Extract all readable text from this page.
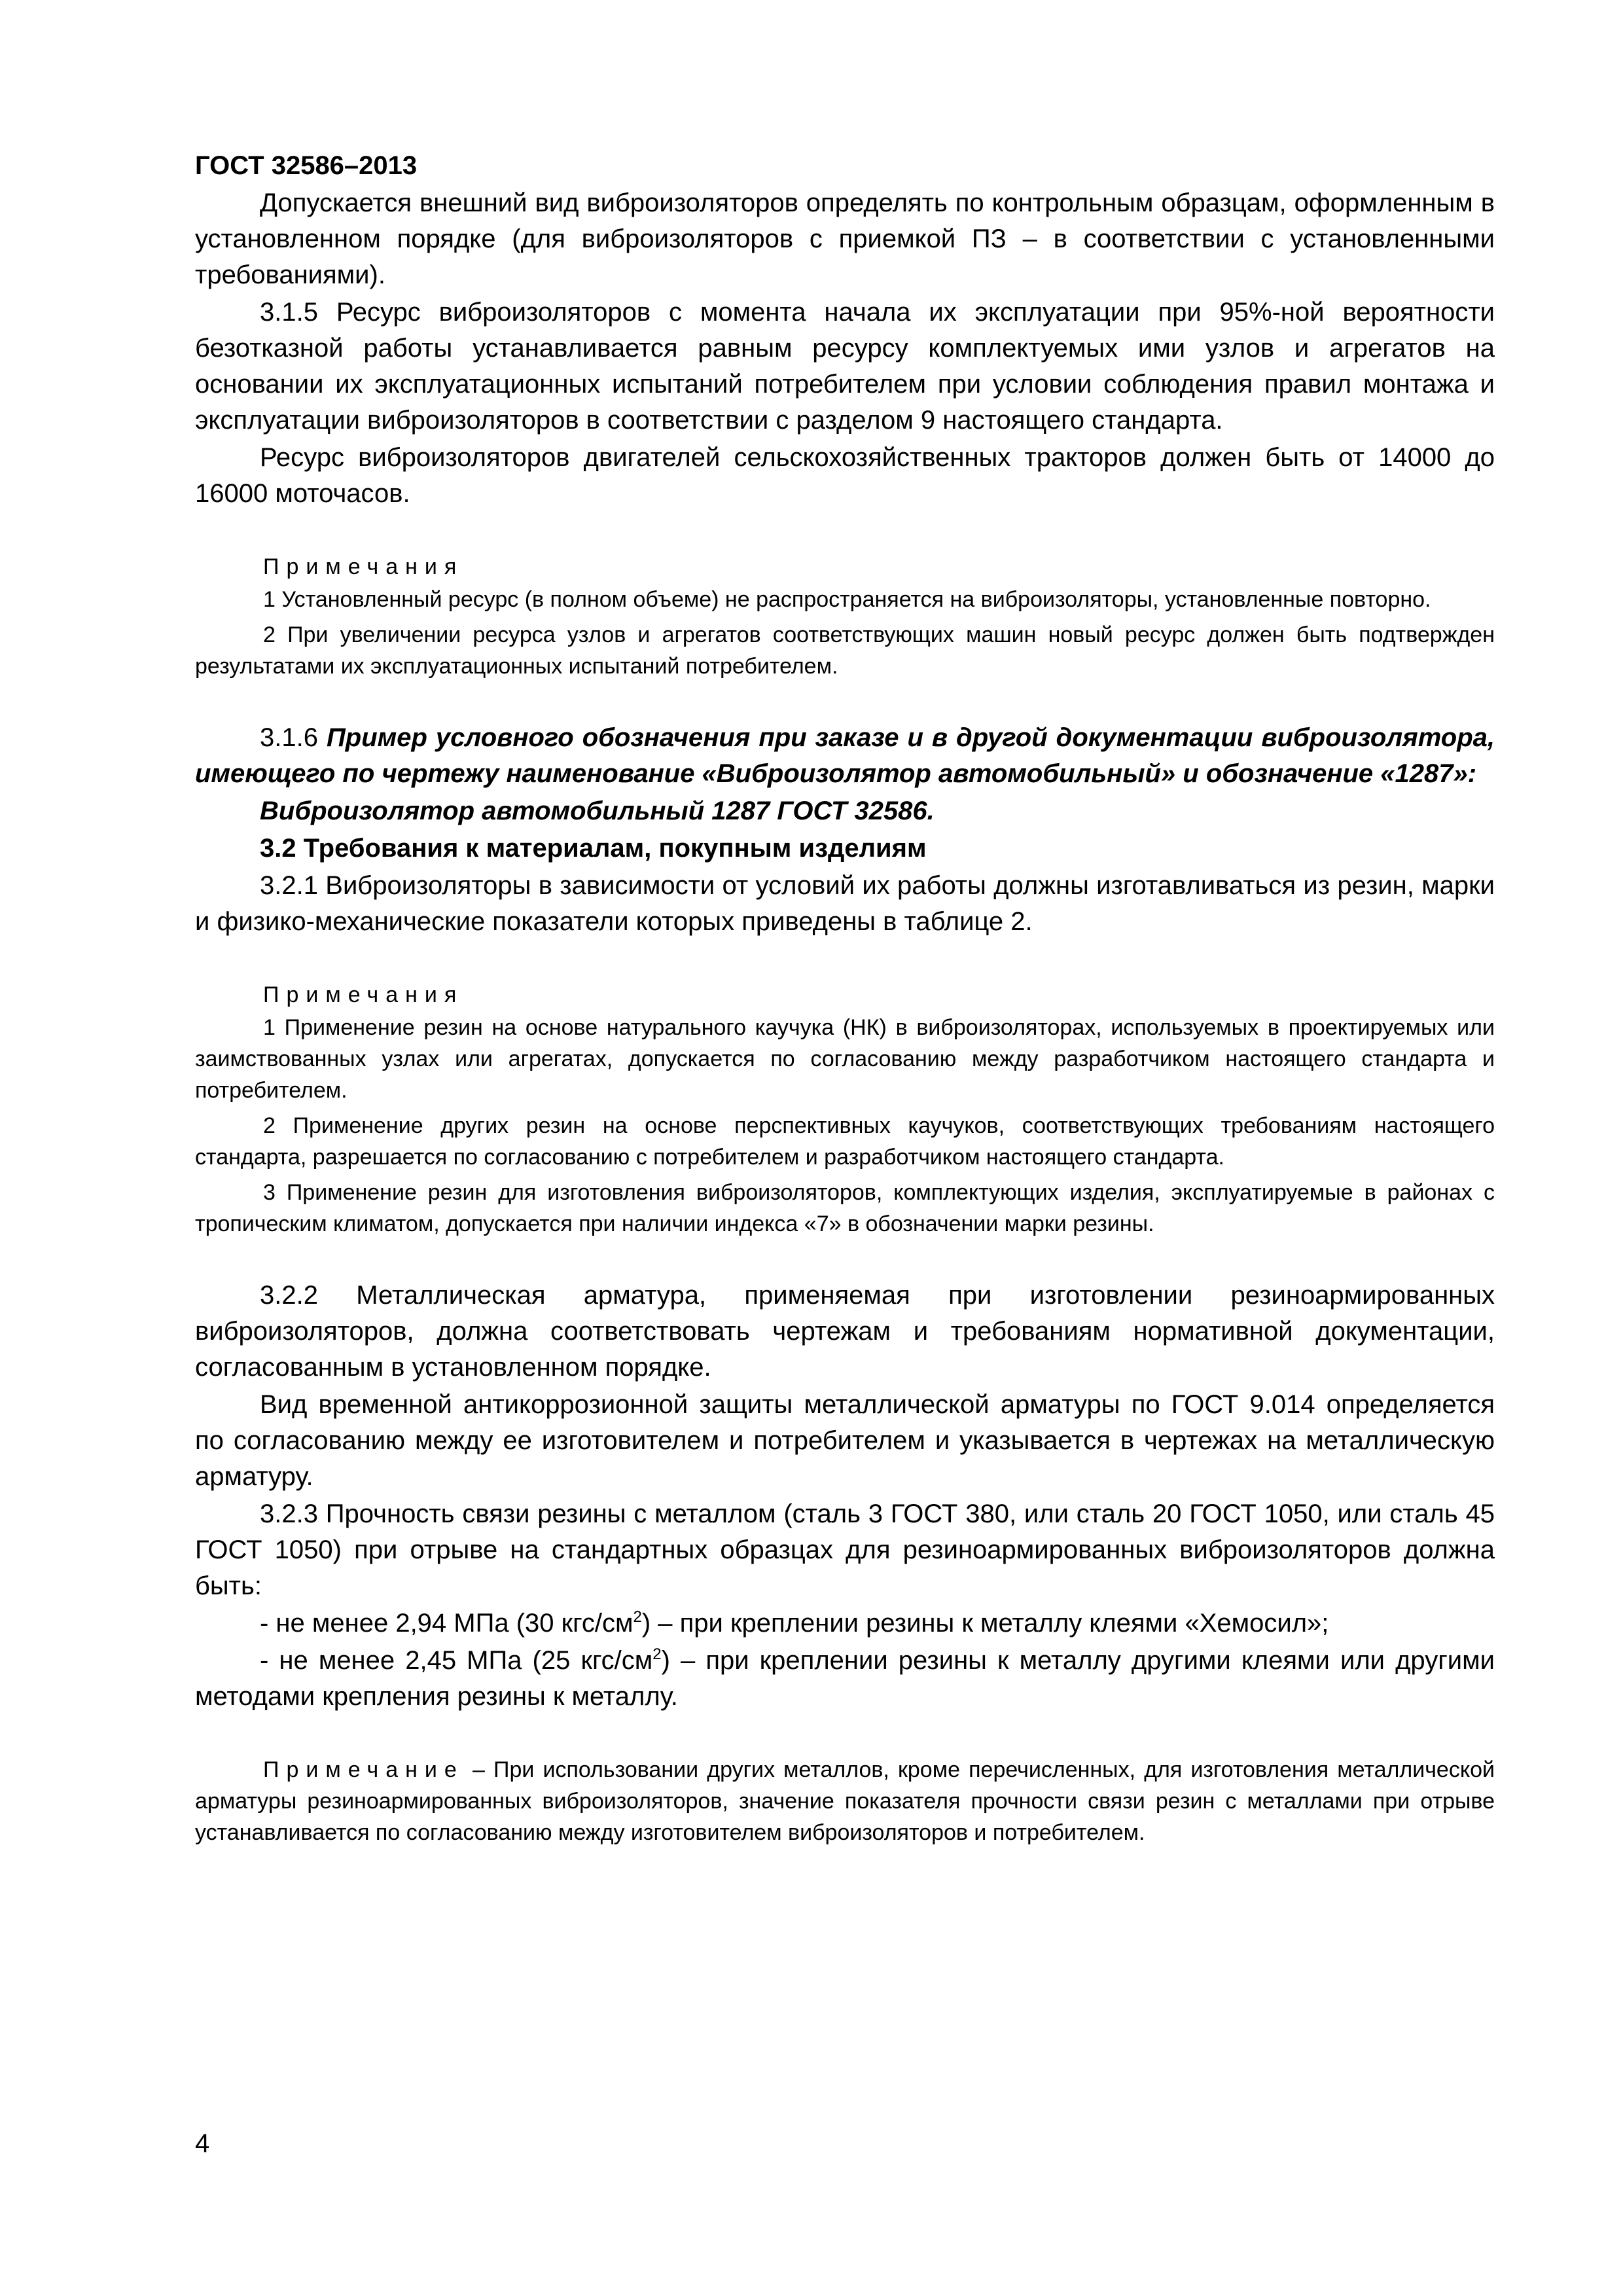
ГОСТ 32586–2013

Допускается внешний вид виброизоляторов определять по контрольным образцам, оформленным в установленном порядке (для виброизоляторов с приемкой ПЗ – в соответствии с установленными требованиями).

3.1.5 Ресурс виброизоляторов с момента начала их эксплуатации при 95%-ной вероятности безотказной работы устанавливается равным ресурсу комплектуемых ими узлов и агрегатов на основании их эксплуатационных испытаний потребителем при условии соблюдения правил монтажа и эксплуатации виброизоляторов в соответствии с разделом 9 настоящего стандарта.

Ресурс виброизоляторов двигателей сельскохозяйственных тракторов должен быть от 14000 до 16000 моточасов.

Примечания

1 Установленный ресурс (в полном объеме) не распространяется на виброизоляторы, установленные повторно.

2 При увеличении ресурса узлов и агрегатов соответствующих машин новый ресурс должен быть подтвержден результатами их эксплуатационных испытаний потребителем.

3.1.6 Пример условного обозначения при заказе и в другой документации виброизолятора, имеющего по чертежу наименование «Виброизолятор автомобильный» и обозначение «1287»:

Виброизолятор автомобильный 1287 ГОСТ 32586.

3.2 Требования к материалам, покупным изделиям

3.2.1 Виброизоляторы в зависимости от условий их работы должны изготавливаться из резин, марки и физико-механические показатели которых приведены в таблице 2.

Примечания

1 Применение резин на основе натурального каучука (НК) в виброизоляторах, используемых в проектируемых или заимствованных узлах или агрегатах, допускается по согласованию между разработчиком настоящего стандарта и потребителем.

2 Применение других резин на основе перспективных каучуков, соответствующих требованиям настоящего стандарта, разрешается по согласованию с потребителем и разработчиком настоящего стандарта.

3 Применение резин для изготовления виброизоляторов, комплектующих изделия, эксплуатируемые в районах с тропическим климатом, допускается при наличии индекса «7» в обозначении марки резины.

3.2.2 Металлическая арматура, применяемая при изготовлении резиноармированных виброизоляторов, должна соответствовать чертежам и требованиям нормативной документации, согласованным в установленном порядке.

Вид временной антикоррозионной защиты металлической арматуры по ГОСТ 9.014 определяется по согласованию между ее изготовителем и потребителем и указывается в чертежах на металлическую арматуру.

3.2.3 Прочность связи резины с металлом (сталь 3 ГОСТ 380, или сталь 20 ГОСТ 1050, или сталь 45 ГОСТ 1050) при отрыве на стандартных образцах для резиноармированных виброизоляторов должна быть:

- не менее 2,94 МПа (30 кгс/$см^2$) – при креплении резины к металлу клеями «Хемосил»;

- не менее 2,45 МПа (25 кгс/$см^2$) – при креплении резины к металлу другими клеями или другими методами крепления резины к металлу.

Примечание – При использовании других металлов, кроме перечисленных, для изготовления металлической арматуры резиноармированных виброизоляторов, значение показателя прочности связи резин с металлами при отрыве устанавливается по согласованию между изготовителем виброизоляторов и потребителем.

4
